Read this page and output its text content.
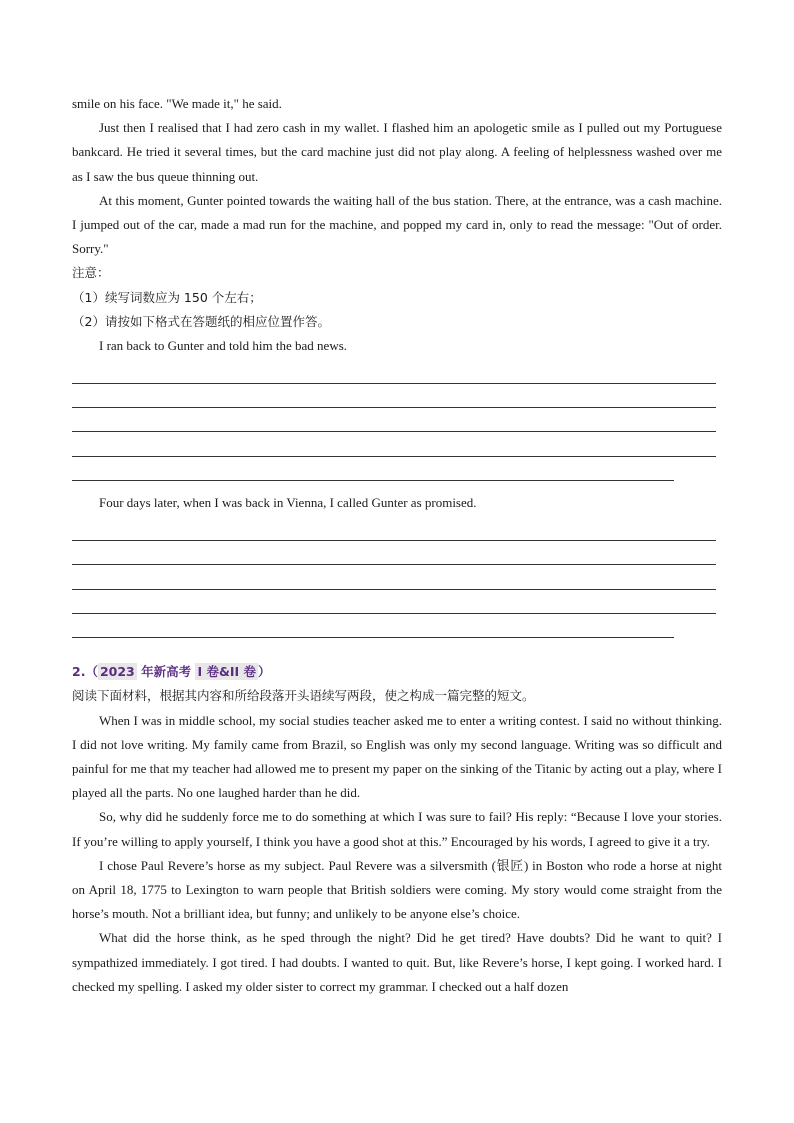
smile on his face. "We made it," he said.

Just then I realised that I had zero cash in my wallet. I flashed him an apologetic smile as I pulled out my Portuguese bankcard. He tried it several times, but the card machine just did not play along. A feeling of helplessness washed over me as I saw the bus queue thinning out.

At this moment, Gunter pointed towards the waiting hall of the bus station. There, at the entrance, was a cash machine. I jumped out of the car, made a mad run for the machine, and popped my card in, only to read the message: "Out of order. Sorry."

注意：

（1）续写词数应为 150 个左右；

（2）请按如下格式在答题纸的相应位置作答。

I ran back to Gunter and told him the bad news.

Four days later, when I was back in Vienna, I called Gunter as promised.

2.（ 2023 年新高考 I 卷&II 卷 ）

阅读下面材料，根据其内容和所给段落开头语续写两段，使之构成一篇完整的短文。

When I was in middle school, my social studies teacher asked me to enter a writing contest. I said no without thinking. I did not love writing. My family came from Brazil, so English was only my second language. Writing was so difficult and painful for me that my teacher had allowed me to present my paper on the sinking of the Titanic by acting out a play, where I played all the parts. No one laughed harder than he did.

So, why did he suddenly force me to do something at which I was sure to fail? His reply: “Because I love your stories. If you’re willing to apply yourself, I think you have a good shot at this.” Encouraged by his words, I agreed to give it a try.

I chose Paul Revere’s horse as my subject. Paul Revere was a silversmith (银匠) in Boston who rode a horse at night on April 18, 1775 to Lexington to warn people that British soldiers were coming. My story would come straight from the horse’s mouth. Not a brilliant idea, but funny; and unlikely to be anyone else’s choice.

What did the horse think, as he sped through the night? Did he get tired? Have doubts? Did he want to quit? I sympathized immediately. I got tired. I had doubts. I wanted to quit. But, like Revere’s horse, I kept going. I worked hard. I checked my spelling. I asked my older sister to correct my grammar. I checked out a half dozen
